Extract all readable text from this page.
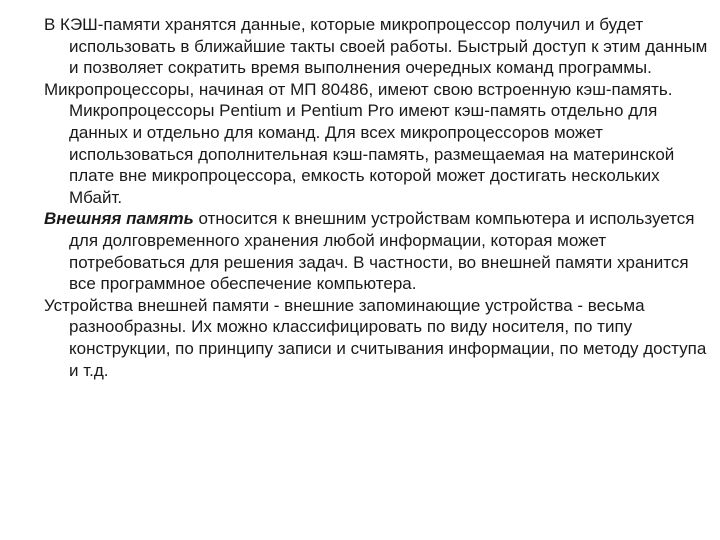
В КЭШ-памяти хранятся данные, которые микропроцессор получил и будет использовать в ближайшие такты своей работы. Быстрый доступ к этим данным и позволяет сократить время выполнения очередных команд программы.

Микропроцессоры, начиная от МП 80486, имеют свою встроенную кэш-память. Микропроцессоры Pentium и Pentium Pro имеют кэш-память отдельно для данных и отдельно для команд. Для всех микропроцессоров может использоваться дополнительная кэш-память, размещаемая на материнской плате вне микропроцессора, емкость которой может достигать нескольких Мбайт.

Внешняя память относится к внешним устройствам компьютера и используется для долговременного хранения любой информации, которая может потребоваться для решения задач. В частности, во внешней памяти хранится все программное обеспечение компьютера.

Устройства внешней памяти - внешние запоминающие устройства - весьма разнообразны. Их можно классифицировать по виду носителя, по типу конструкции, по принципу записи и считывания информации, по методу доступа и т.д.
